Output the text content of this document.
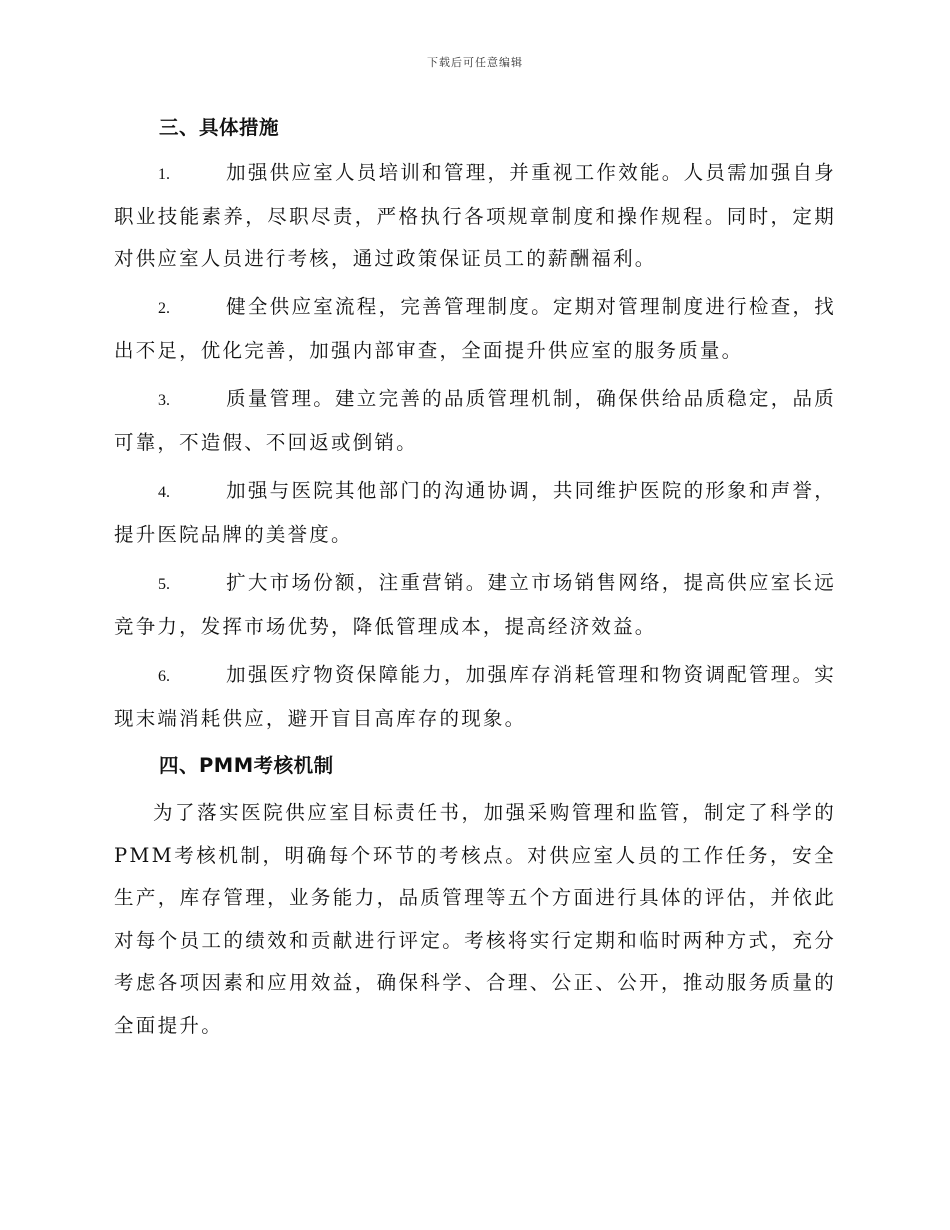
下载后可任意编辑
三、具体措施

1.	加强供应室人员培训和管理，并重视工作效能。人员需加强自身职业技能素养，尽职尽责，严格执行各项规章制度和操作规程。同时，定期对供应室人员进行考核，通过政策保证员工的薪酬福利。

2.	健全供应室流程，完善管理制度。定期对管理制度进行检查，找出不足，优化完善，加强内部审查，全面提升供应室的服务质量。

3.	质量管理。建立完善的品质管理机制，确保供给品质稳定，品质可靠，不造假、不回返或倒销。

4.	加强与医院其他部门的沟通协调，共同维护医院的形象和声誉，提升医院品牌的美誉度。

5.	扩大市场份额，注重营销。建立市场销售网络，提高供应室长远竞争力，发挥市场优势，降低管理成本，提高经济效益。

6.	加强医疗物资保障能力，加强库存消耗管理和物资调配管理。实现末端消耗供应，避开盲目高库存的现象。

四、PMM考核机制

为了落实医院供应室目标责任书，加强采购管理和监管，制定了科学的PMM考核机制，明确每个环节的考核点。对供应室人员的工作任务，安全生产，库存管理，业务能力，品质管理等五个方面进行具体的评估，并依此对每个员工的绩效和贡献进行评定。考核将实行定期和临时两种方式，充分考虑各项因素和应用效益，确保科学、合理、公正、公开，推动服务质量的全面提升。
